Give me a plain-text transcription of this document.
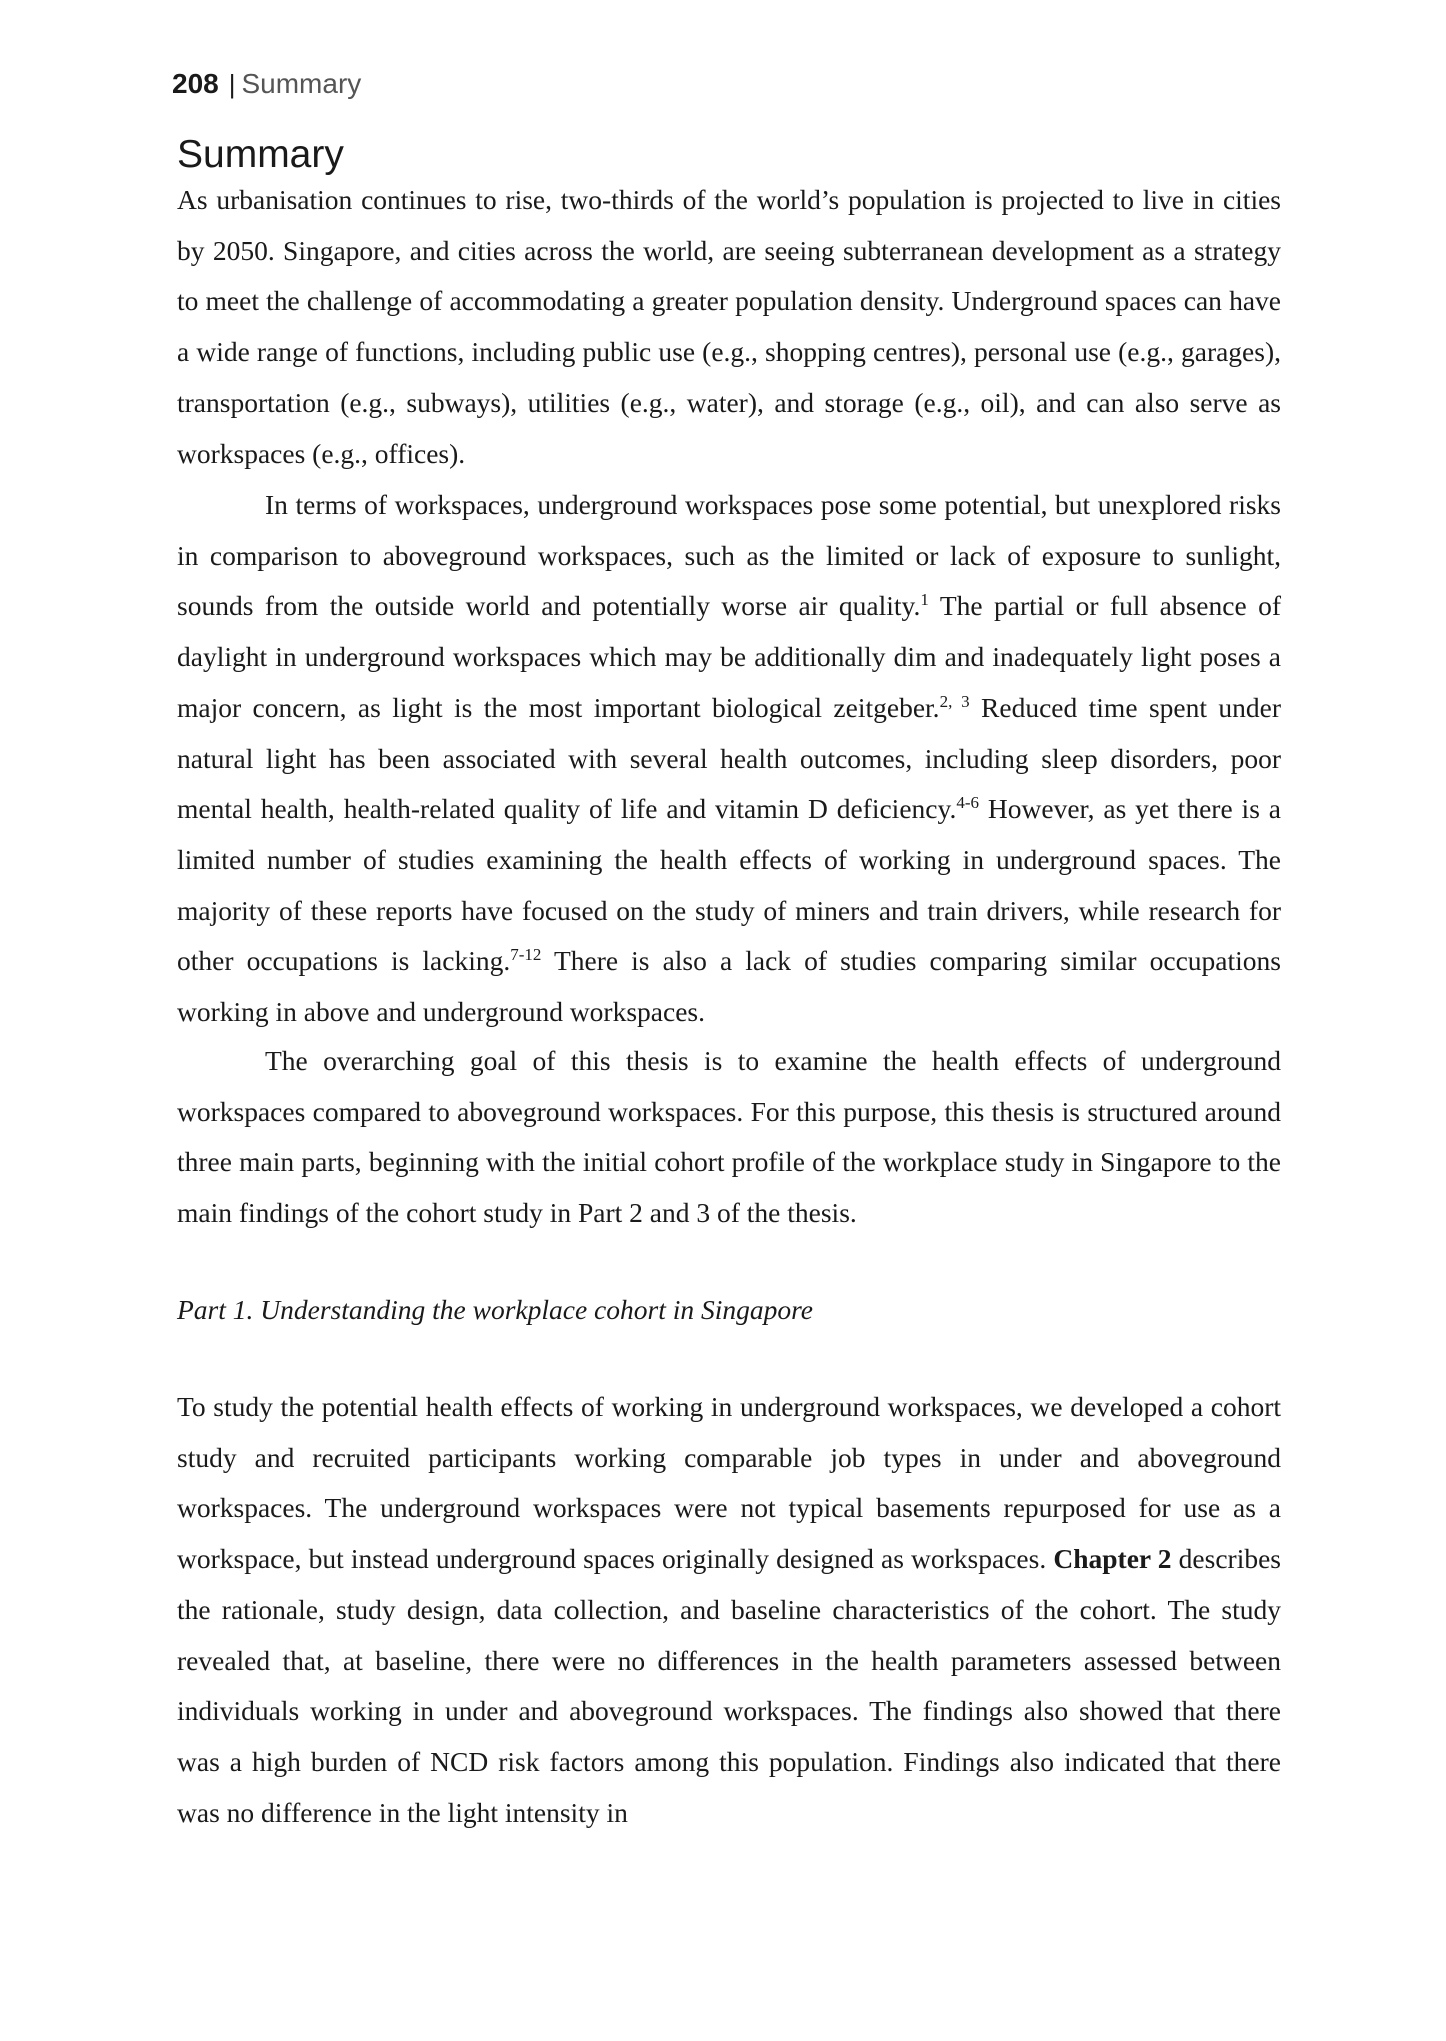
208 | Summary
Summary

As urbanisation continues to rise, two-thirds of the world’s population is projected to live in cities by 2050. Singapore, and cities across the world, are seeing subterranean development as a strategy to meet the challenge of accommodating a greater population density. Underground spaces can have a wide range of functions, including public use (e.g., shopping centres), personal use (e.g., garages), transportation (e.g., subways), utilities (e.g., water), and storage (e.g., oil), and can also serve as workspaces (e.g., offices).

In terms of workspaces, underground workspaces pose some potential, but unexplored risks in comparison to aboveground workspaces, such as the limited or lack of exposure to sunlight, sounds from the outside world and potentially worse air quality.$^1$ The partial or full absence of daylight in underground workspaces which may be additionally dim and inadequately light poses a major concern, as light is the most important biological zeitgeber.$^{2, 3}$ Reduced time spent under natural light has been associated with several health outcomes, including sleep disorders, poor mental health, health-related quality of life and vitamin D deficiency.$^{4-6}$ However, as yet there is a limited number of studies examining the health effects of working in underground spaces. The majority of these reports have focused on the study of miners and train drivers, while research for other occupations is lacking.$^{7-12}$ There is also a lack of studies comparing similar occupations working in above and underground workspaces.

The overarching goal of this thesis is to examine the health effects of underground workspaces compared to aboveground workspaces. For this purpose, this thesis is structured around three main parts, beginning with the initial cohort profile of the workplace study in Singapore to the main findings of the cohort study in Part 2 and 3 of the thesis.

Part 1. Understanding the workplace cohort in Singapore

To study the potential health effects of working in underground workspaces, we developed a cohort study and recruited participants working comparable job types in under and aboveground workspaces. The underground workspaces were not typical basements repurposed for use as a workspace, but instead underground spaces originally designed as workspaces. Chapter 2 describes the rationale, study design, data collection, and baseline characteristics of the cohort. The study revealed that, at baseline, there were no differences in the health parameters assessed between individuals working in under and aboveground workspaces. The findings also showed that there was a high burden of NCD risk factors among this population. Findings also indicated that there was no difference in the light intensity in
